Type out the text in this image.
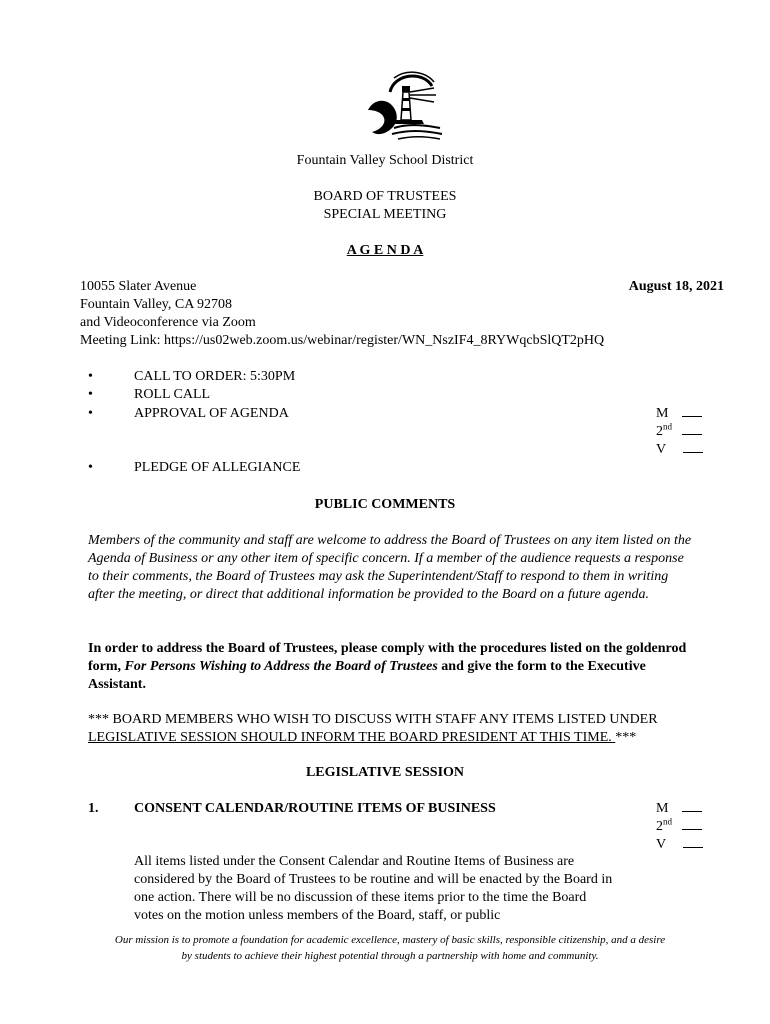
Fountain Valley School District
BOARD OF TRUSTEES
SPECIAL MEETING
A G E N D A
10055 Slater Avenue
Fountain Valley, CA 92708
and Videoconference via Zoom
Meeting Link: https://us02web.zoom.us/webinar/register/WN_NszIF4_8RYWqcbSlQT2pHQ
August 18, 2021
•	CALL TO ORDER: 5:30PM
•	ROLL CALL
•	APPROVAL OF AGENDA
•	PLEDGE OF ALLEGIANCE
M
2nd
V
PUBLIC COMMENTS
Members of the community and staff are welcome to address the Board of Trustees on any item listed on the Agenda of Business or any other item of specific concern. If a member of the audience requests a response to their comments, the Board of Trustees may ask the Superintendent/Staff to respond to them in writing after the meeting, or direct that additional information be provided to the Board on a future agenda.
In order to address the Board of Trustees, please comply with the procedures listed on the goldenrod form, For Persons Wishing to Address the Board of Trustees and give the form to the Executive Assistant.
*** BOARD MEMBERS WHO WISH TO DISCUSS WITH STAFF ANY ITEMS LISTED UNDER
LEGISLATIVE SESSION SHOULD INFORM THE BOARD PRESIDENT AT THIS TIME. ***
LEGISLATIVE SESSION
1.	CONSENT CALENDAR/ROUTINE ITEMS OF BUSINESS	M
2nd
V
All items listed under the Consent Calendar and Routine Items of Business are considered by the Board of Trustees to be routine and will be enacted by the Board in one action. There will be no discussion of these items prior to the time the Board votes on the motion unless members of the Board, staff, or public
Our mission is to promote a foundation for academic excellence, mastery of basic skills, responsible citizenship, and a desire
by students to achieve their highest potential through a partnership with home and community.
